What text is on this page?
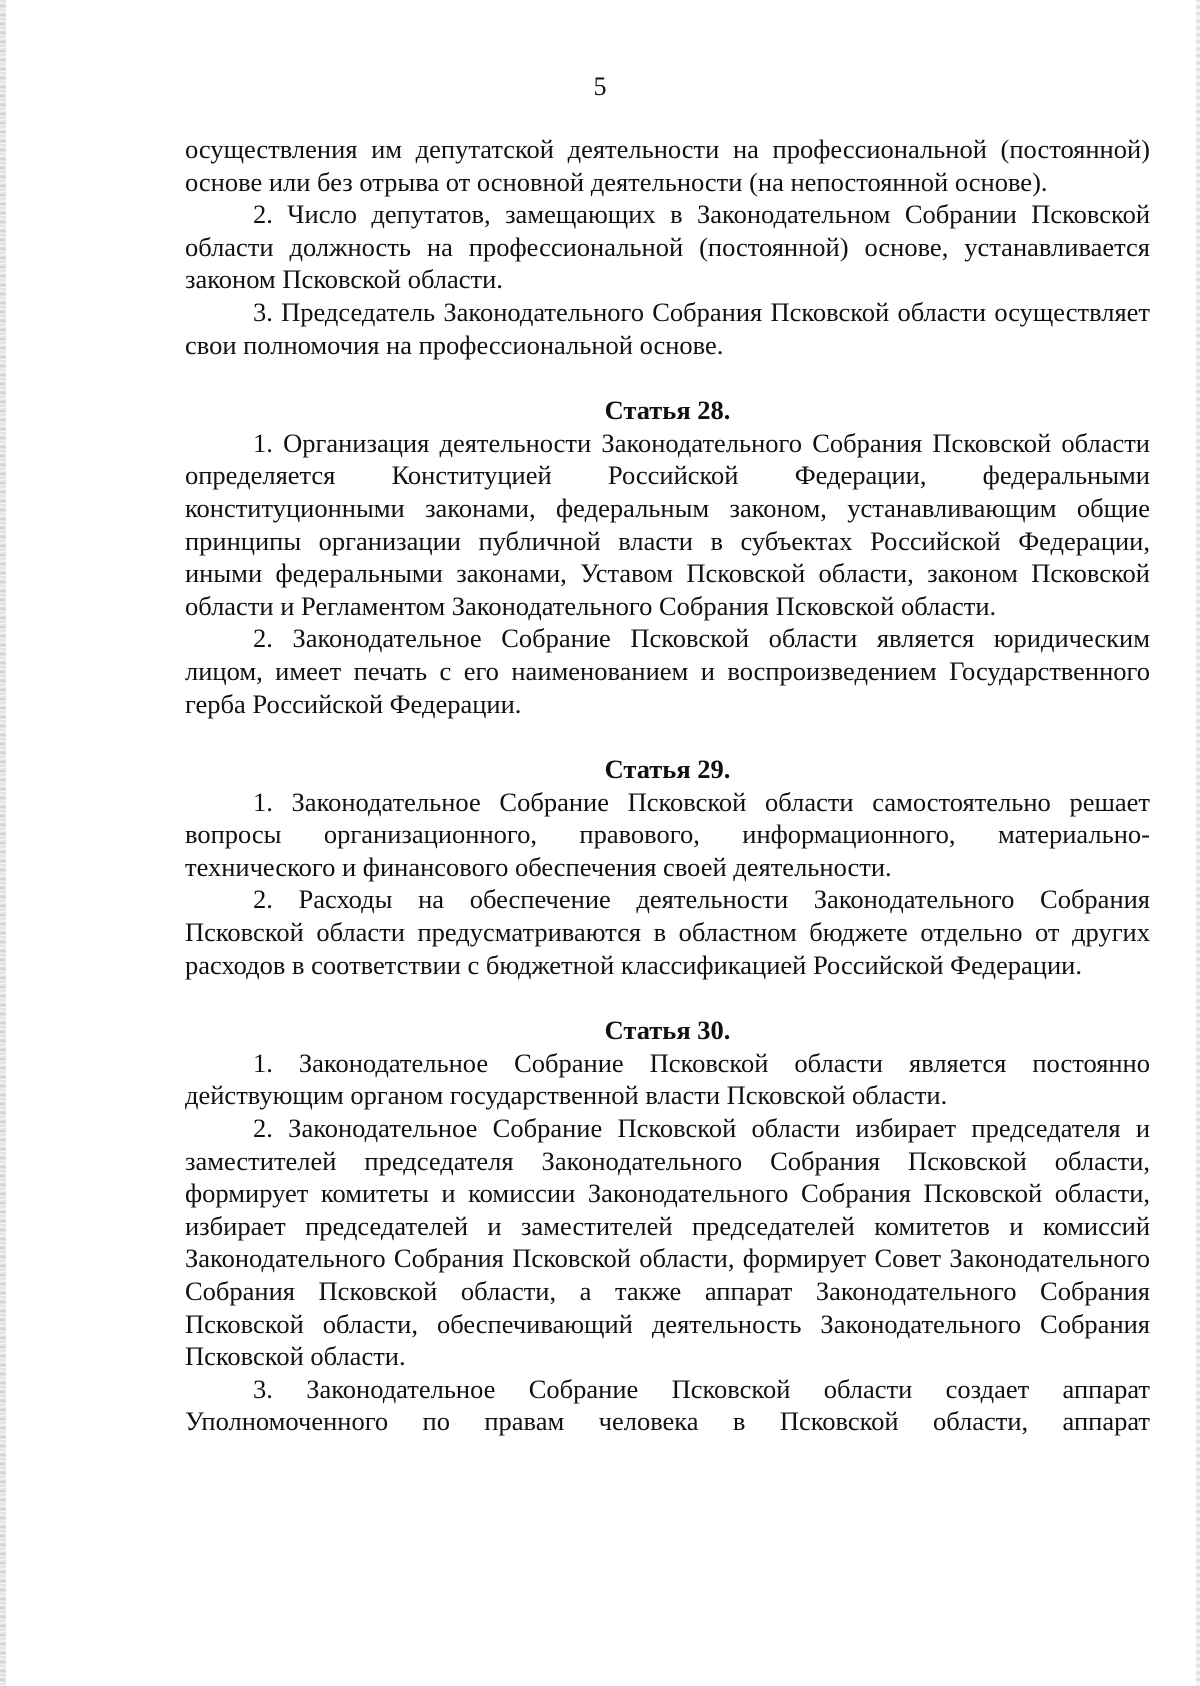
5

осуществления им депутатской деятельности на профессиональной (постоянной) основе или без отрыва от основной деятельности (на непостоянной основе).

2. Число депутатов, замещающих в Законодательном Собрании Псковской области должность на профессиональной (постоянной) основе, устанавливается законом Псковской области.

3. Председатель Законодательного Собрания Псковской области осуществляет свои полномочия на профессиональной основе.

Статья 28.

1. Организация деятельности Законодательного Собрания Псковской области определяется Конституцией Российской Федерации, федеральными конституционными законами, федеральным законом, устанавливающим общие принципы организации публичной власти в субъектах Российской Федерации, иными федеральными законами, Уставом Псковской области, законом Псковской области и Регламентом Законодательного Собрания Псковской области.

2. Законодательное Собрание Псковской области является юридическим лицом, имеет печать с его наименованием и воспроизведением Государственного герба Российской Федерации.

Статья 29.

1. Законодательное Собрание Псковской области самостоятельно решает вопросы организационного, правового, информационного, материально-технического и финансового обеспечения своей деятельности.

2. Расходы на обеспечение деятельности Законодательного Собрания Псковской области предусматриваются в областном бюджете отдельно от других расходов в соответствии с бюджетной классификацией Российской Федерации.

Статья 30.

1. Законодательное Собрание Псковской области является постоянно действующим органом государственной власти Псковской области.

2. Законодательное Собрание Псковской области избирает председателя и заместителей председателя Законодательного Собрания Псковской области, формирует комитеты и комиссии Законодательного Собрания Псковской области, избирает председателей и заместителей председателей комитетов и комиссий Законодательного Собрания Псковской области, формирует Совет Законодательного Собрания Псковской области, а также аппарат Законодательного Собрания Псковской области, обеспечивающий деятельность Законодательного Собрания Псковской области.

3. Законодательное Собрание Псковской области создает аппарат Уполномоченного по правам человека в Псковской области, аппарат
